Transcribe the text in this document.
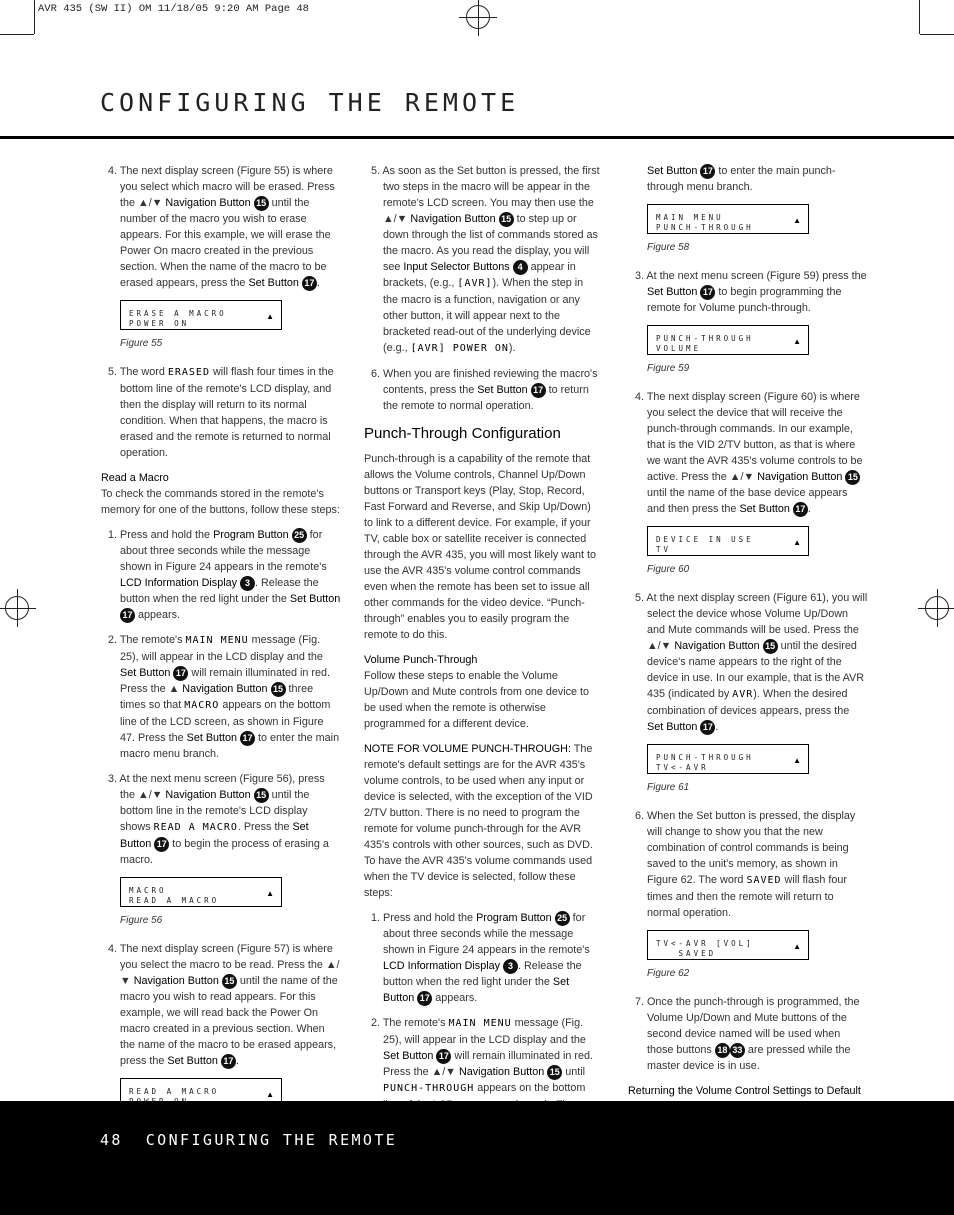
AVR 435 (SW II) OM 11/18/05 9:20 AM Page 48
CONFIGURING THE REMOTE

4. The next display screen (Figure 55) is where you select which macro will be erased. Press the ▲/▼ Navigation Button 15 until the number of the macro you wish to erase appears. For this example, we will erase the Power On macro created in the previous section. When the name of the macro to be erased appears, press the Set Button 17 .

ERASE A MACRO
POWER ON
▲
Figure 55

5. The word ERASED will flash four times in the bottom line of the remote's LCD display, and then the display will return to its normal condition. When that happens, the macro is erased and the remote is returned to normal operation.

Read a Macro

To check the commands stored in the remote's memory for one of the buttons, follow these steps:

1. Press and hold the Program Button 25 for about three seconds while the message shown in Figure 24 appears in the remote's LCD Information Display 3 . Release the button when the red light under the Set Button 17 appears.

2. The remote's MAIN MENU message (Fig. 25), will appear in the LCD display and the Set Button 17 will remain illuminated in red. Press the ▲ Navigation Button 15 three times so that MACRO appears on the bottom line of the LCD screen, as shown in Figure 47. Press the Set Button 17 to enter the main macro menu branch.

3. At the next menu screen (Figure 56), press the ▲/▼ Navigation Button 15 until the bottom line in the remote's LCD display shows READ A MACRO. Press the Set Button 17 to begin the process of erasing a macro.

MACRO
READ A MACRO
▲
Figure 56

4. The next display screen (Figure 57) is where you select the macro to be read. Press the ▲/▼ Navigation Button 15 until the name of the macro you wish to read appears. For this example, we will read back the Power On macro created in a previous section. When the name of the macro to be erased appears, press the Set Button 17 .

READ A MACRO	▲

5. As soon as the Set button is pressed, the first two steps in the macro will be appear in the remote's LCD screen. You may then use the ▲/▼ Navigation Button 15 to step up or down through the list of commands stored as the macro. As you read the display, you will see Input Selector Buttons 4 appear in brackets, (e.g., [AVR]). When the step in the macro is a function, navigation or any other button, it will appear next to the bracketed read-out of the underlying device (e.g., [AVR] POWER ON).

6. When you are finished reviewing the macro's contents, press the Set Button 17 to return the remote to normal operation.

Punch-Through Configuration

Punch-through is a capability of the remote that allows the Volume controls, Channel Up/Down buttons or Transport keys (Play, Stop, Record, Fast Forward and Reverse, and Skip Up/Down) to link to a different device. For example, if your TV, cable box or satellite receiver is connected through the AVR 435, you will most likely want to use the AVR 435's volume control commands even when the remote has been set to issue all other commands for the video device. “Punch-through” enables you to easily program the remote to do this.

Volume Punch-Through

Follow these steps to enable the Volume Up/Down and Mute controls from one device to be used when the remote is otherwise programmed for a different device.

NOTE FOR VOLUME PUNCH-THROUGH: The remote's default settings are for the AVR 435's volume controls, to be used when any input or device is selected, with the exception of the VID 2/TV button. There is no need to program the remote for volume punch-through for the AVR 435's controls with other sources, such as DVD. To have the AVR 435's volume commands used when the TV device is selected, follow these steps:

1. Press and hold the Program Button 25 for about three seconds while the message shown in Figure 24 appears in the remote's LCD Information Display 3 . Release the button when the red light under the Set Button 17 appears.

2. The remote's MAIN MENU message (Fig. 25), will appear in the LCD display and the Set Button 17 will remain illuminated in red. Press the ▲/▼ Navigation Button 15 until PUNCH-THROUGH appears on the bottom

Set Button 17 to enter the main punch-through menu branch.

MAIN MENU
PUNCH-THROUGH
▲
Figure 58

3. At the next menu screen (Figure 59) press the Set Button 17 to begin programming the remote for Volume punch-through.

PUNCH-THROUGH
VOLUME
▲
Figure 59

4. The next display screen (Figure 60) is where you select the device that will receive the punch-through commands. In our example, that is the VID 2/TV button, as that is where we want the AVR 435's volume controls to be active. Press the ▲/▼ Navigation Button 15 until the name of the base device appears and then press the Set Button 17 .

DEVICE IN USE
TV
▲
Figure 60

5. At the next display screen (Figure 61), you will select the device whose Volume Up/Down and Mute commands will be used. Press the ▲/▼ Navigation Button 15 until the desired device's name appears to the right of the device in use. In our example, that is the AVR 435 (indicated by AVR). When the desired combination of devices appears, press the Set Button 17 .

PUNCH-THROUGH
TV<-AVR
▲
Figure 61

6. When the Set button is pressed, the display will change to show you that the new combination of control commands is being saved to the unit's memory, as shown in Figure 62. The word SAVED will flash four times and then the remote will return to normal operation.

TV<-AVR [VOL]
SAVED
▲
Figure 62

7. Once the punch-through is programmed, the Volume Up/Down and Mute buttons of the second device named will be used when those buttons 18 33 are pressed while the master device is in use.

Returning the Volume Control Settings to Default

48 CONFIGURING THE REMOTE
